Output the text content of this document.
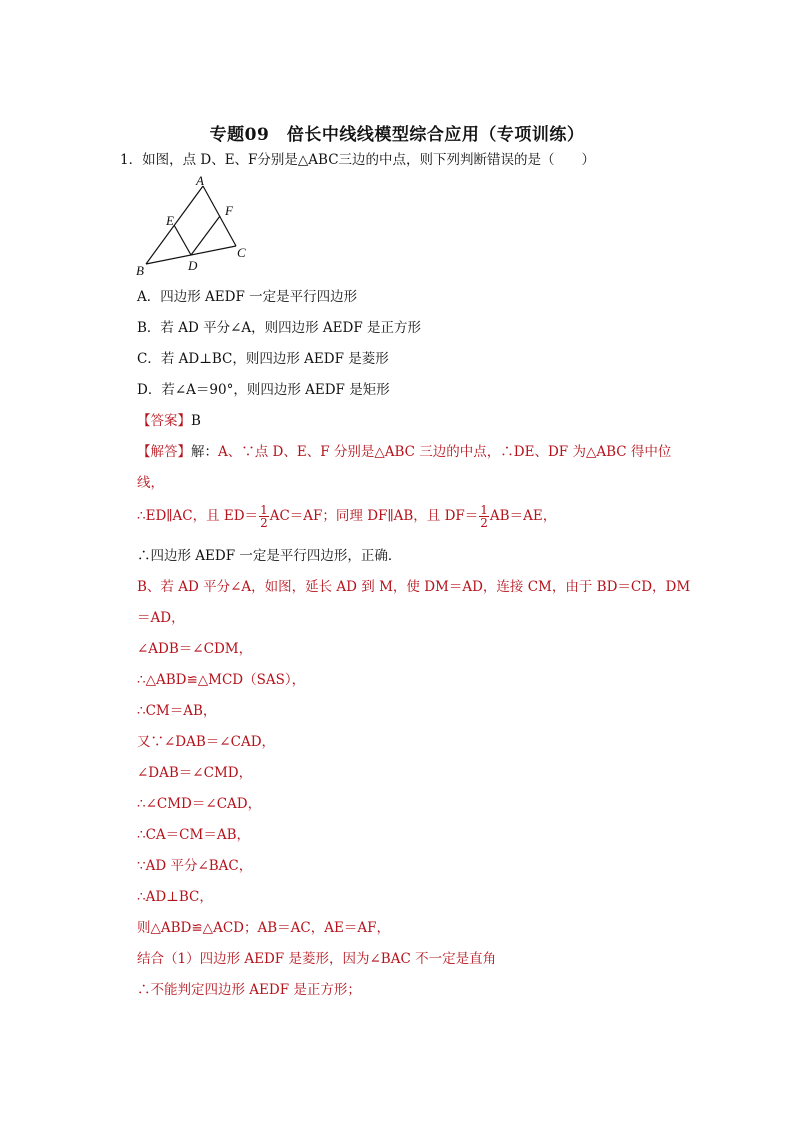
专题09　倍长中线线模型综合应用（专项训练）
1．如图，点 D、E、F分别是△ABC三边的中点，则下列判断错误的是（　　）
A
E
F
B	D
C
A．四边形 AEDF 一定是平行四边形
B．若 AD 平分∠A，则四边形 AEDF 是正方形
C．若 AD⊥BC，则四边形 AEDF 是菱形
D．若∠A＝90°，则四边形 AEDF 是矩形
【答案】B
【解答】解：A、∵点 D、E、F 分别是△ABC 三边的中点，∴DE、DF 为△ABC 得中位
线，
∴ED∥AC，且 $ED= \frac{1}{2} AC=AF$；同理 DF∥AB，且 $DF= \frac{1}{2} AB=AE$，
∴四边形 AEDF 一定是平行四边形，正确．
B、若 AD 平分∠A，如图，延长 AD 到 M，使 DM＝AD，连接 CM，由于 BD＝CD，DM
＝AD，
∠ADB＝∠CDM，
∴△ABD≌△MCD（SAS），
∴CM＝AB，
又∵∠DAB＝∠CAD，
∠DAB＝∠CMD，
∴∠CMD＝∠CAD，
∴CA＝CM＝AB，
∵AD 平分∠BAC，
∴AD⊥BC，
则△ABD≌△ACD；AB＝AC，AE＝AF，
结合（1）四边形 AEDF 是菱形，因为∠BAC 不一定是直角
∴不能判定四边形 AEDF 是正方形；
